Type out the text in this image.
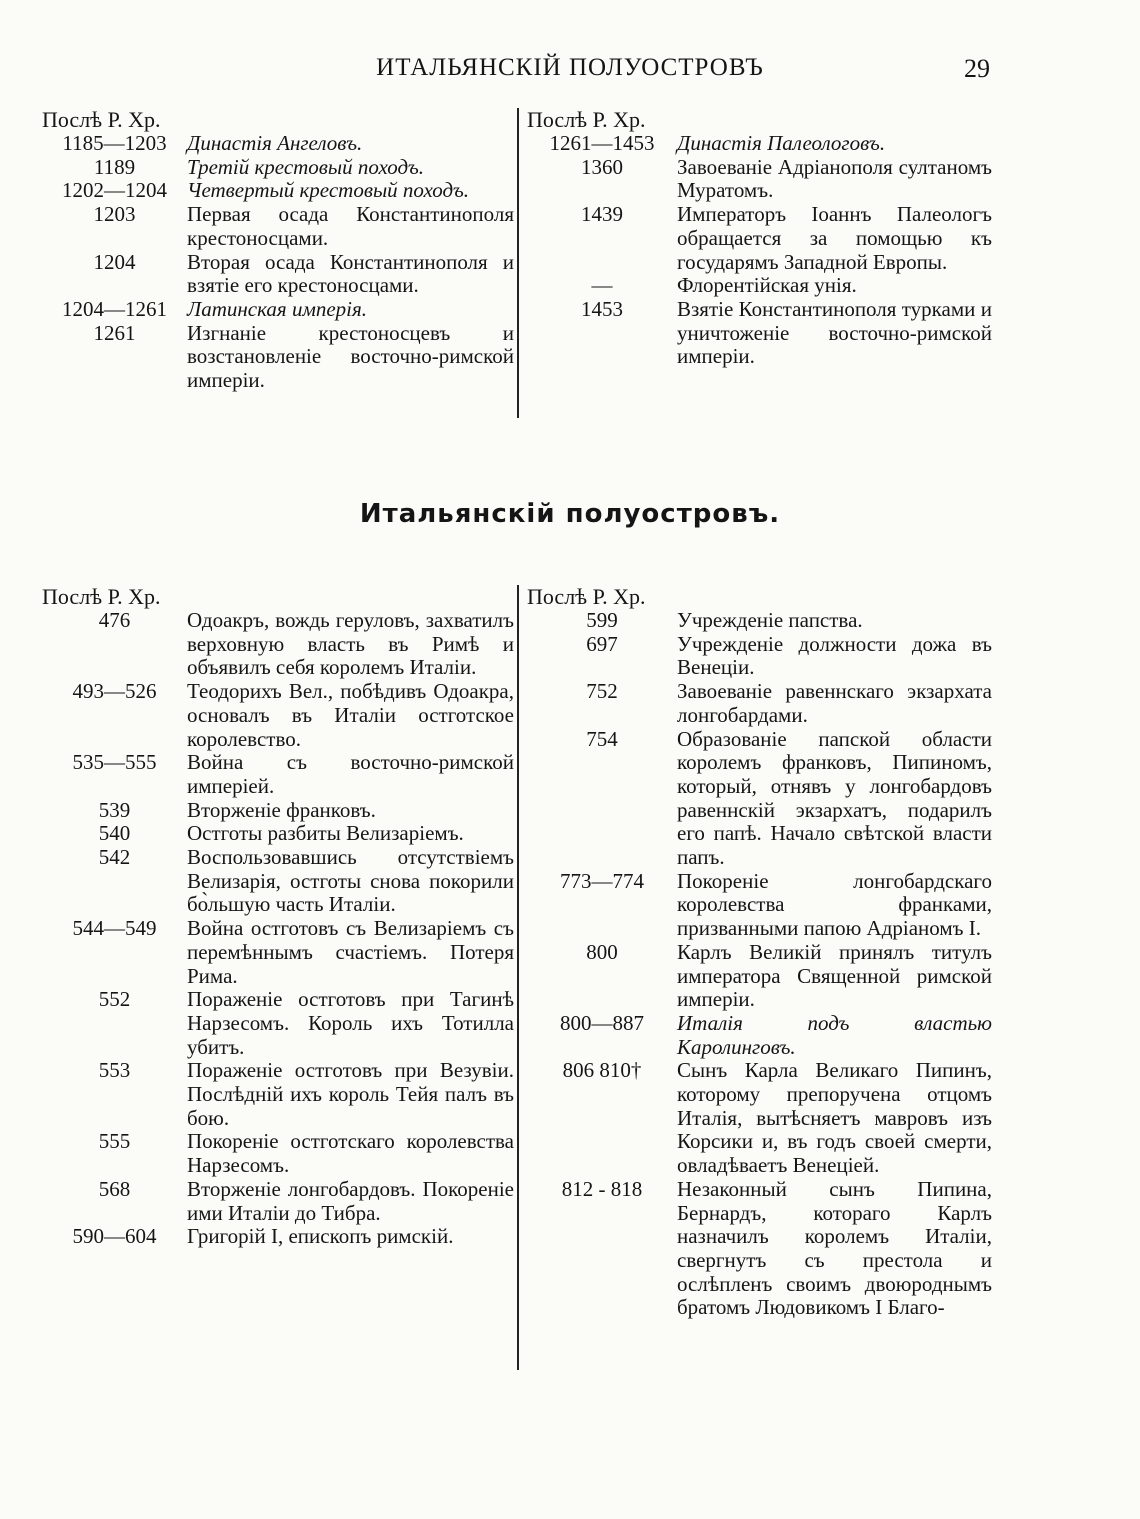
ИТАЛЬЯНСКІЙ ПОЛУОСТРОВЪ	29
Послѣ Р. Хр.
1185—1203 Династія Ангеловъ.
1189	Третій крестовый походъ.
1202—1204 Четвертый крестовый походъ.
1203	Первая осада Константинополя крестоносцами.
1204	Вторая осада Константинополя и взятіе его крестоносцами.
1204—1261 Латинская имперія.
1261	Изгнаніе крестоносцевъ и возстановленіе восточно-римской имперіи.
Послѣ Р. Хр.
1261—1453	Династія Палеологовъ.
1360	Завоеваніе Адріанополя султаномъ Муратомъ.
1439	Императоръ Іоаннъ Палеологъ обращается за помощью къ государямъ Западной Европы.
—	Флорентійская унія.
1453	Взятіе Константинополя турками и уничтоженіе восточно-римской имперіи.
Итальянскій полуостровъ.
Послѣ Р. Хр.
476	Одоакръ, вождь геруловъ, захватилъ верховную власть въ Римѣ и объявилъ себя королемъ Италіи.
493—526	Теодорихъ Вел., побѣдивъ Одоакра, основалъ въ Италіи остготское королевство.
535—555	Война съ восточно-римской имперіей.
539	Вторженіе франковъ.
540	Остготы разбиты Велизаріемъ.
542	Воспользовавшись отсутствіемъ Велизарія, остготы снова покорили бо̀льшую часть Италіи.
544—549	Война остготовъ съ Велизаріемъ съ перемѣннымъ счастіемъ. Потеря Рима.
552	Пораженіе остготовъ при Тагинѣ Нарзесомъ. Король ихъ Тотилла убитъ.
553	Пораженіе остготовъ при Везувіи. Послѣдній ихъ король Тейя палъ въ бою.
555	Покореніе остготскаго королевства Нарзесомъ.
568	Вторженіе лонгобардовъ. Покореніе ими Италіи до Тибра.
590—604	Григорій I, епископъ римскій.
Послѣ Р. Хр.
599	Учрежденіе папства.
697	Учрежденіе должности дожа въ Венеціи.
752	Завоеваніе равеннскаго экзархата лонгобардами.
754	Образованіе папской области королемъ франковъ, Пипиномъ, который, отнявъ у лонгобардовъ равеннскій экзархатъ, подарилъ его папѣ. Начало свѣтской власти папъ.
773—774	Покореніе лонгобардскаго королевства франками, призванными папою Адріаномъ I.
800	Карлъ Великій принялъ титулъ императора Священной римской имперіи.
800—887	Италія подъ властью Каролинговъ.
806 810†	Сынъ Карла Великаго Пипинъ, которому препоручена отцомъ Италія, вытѣсняетъ мавровъ изъ Корсики и, въ годъ своей смерти, овладѣваетъ Венеціей.
812 - 818	Незаконный сынъ Пипина, Бернардъ, котораго Карлъ назначилъ королемъ Италіи, свергнутъ съ престола и ослѣпленъ своимъ двоюроднымъ братомъ Людовикомъ I Благо-
